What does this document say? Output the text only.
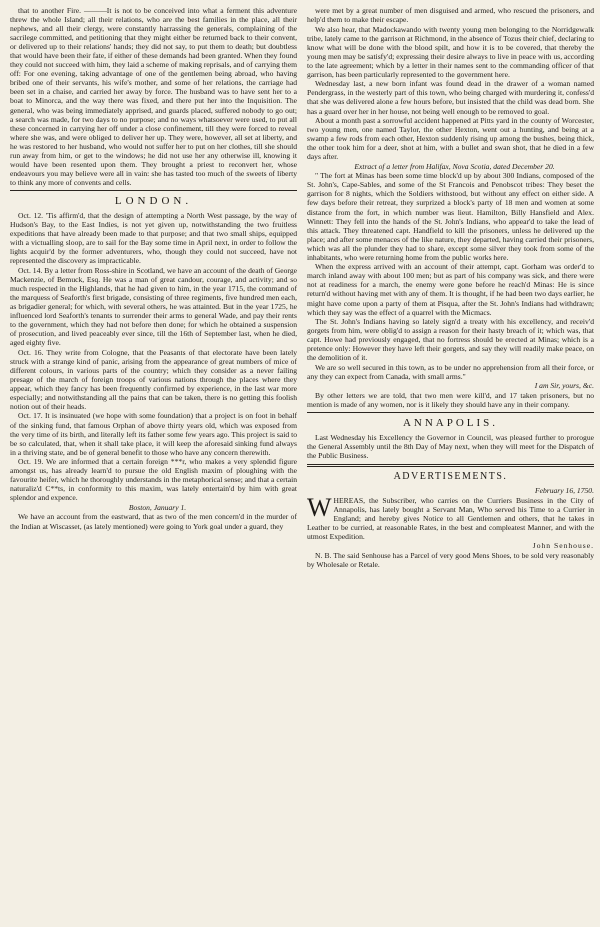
that to another Fire. ———It is not to be conceived into what a ferment this adventure threw the whole Island; all their relations, who are the best families in the place, all their nephews, and all their clergy, were constantly harrassing the generals, complaining of the sacrilege committed, and petitioning that they might either be returned back to their convent, or delivered up to their relations' hands; they did not say, to put them to death; but doubtless that would have been their fate, if either of these demands had been granted. When they found they could not succeed with him, they laid a scheme of making reprisals, and of carrying them off: For one evening, taking advantage of one of the gentlemen being abroad, who having bribed one of their servants, his wife's mother, and some of her relations, the carriage had been set in a chaise, and carried her away by force. The husband was to have sent her to a boat to Minorca, and the way there was fixed, and there put her into the Inquisition. The general, who was being immediately apprised, and guards placed, suffered nobody to go out; a search was made, for two days to no purpose; and no ways whatsoever were used, to put all these concerned in carrying her off under a close confinement, till they were forced to reveal where she was, and were obliged to deliver her up. They were, however, all set at liberty, and he was restored to her husband, who would not suffer her to put on her clothes, till she should run away from him, or get to the windows; he did not use her any otherwise ill, knowing it would have been resented upon them. They brought a priest to reconvert her, whose endeavours you may believe were all in vain: she has tasted too much of the sweets of liberty to think any more of convents and cells.

LONDON.

Oct. 12. 'Tis affirm'd, that the design of attempting a North West passage, by the way of Hudson's Bay, to the East Indies, is not yet given up, notwithstanding the two fruitless expeditions that have already been made to that purpose; and that two small ships, equipped with a victualling sloop, are to sail for the Bay some time in April next, in order to follow the lights acquir'd by the former adventurers, who, though they could not succeed, have not represented the discovery as impracticable.

Oct. 14. By a letter from Ross-shire in Scotland, we have an account of the death of George Mackenzie, of Bemuck, Esq. He was a man of great candour, courage, and activity; and so much respected in the Highlands, that he had given to him, in the year 1715, the command of the marquess of Seaforth's first brigade, consisting of three regiments, five hundred men each, as brigadier general; for which, with several others, he was attainted. But in the year 1725, he influenced lord Seaforth's tenants to surrender their arms to general Wade, and pay their rents to the government, which they had not before then done; for which he obtained a suspension of prosecution, and lived peaceably ever since, till the 16th of September last, when he died, aged eighty five.

Oct. 16. They write from Cologne, that the Peasants of that electorate have been lately struck with a strange kind of panic, arising from the appearance of great numbers of mice of different colours, in various parts of the country; which they consider as a never failing presage of the march of foreign troops of various nations through the places where they appear, which they fancy has been frequently confirmed by experience, in the last war more especially; and notwithstanding all the pains that can be taken, there is no getting this foolish notion out of their heads.

Oct. 17. It is insinuated (we hope with some foundation) that a project is on foot in behalf of the sinking fund, that famous Orphan of above thirty years old, which was exposed from the very time of its birth, and literally left its father some few years ago. This project is said to be so calculated, that, when it shall take place, it will keep the aforesaid sinking fund always in a thriving state, and be of general benefit to those who have any concern therewith.

Oct. 19. We are informed that a certain foreign ***r, who makes a very splendid figure amongst us, has already learn'd to pursue the old English maxim of ploughing with the favourite heifer, which he thoroughly understands in the metaphorical sense; and that a certain naturaliz'd C**ts, in conformity to this maxim, was lately entertain'd by him with great splendor and expence.

Boston, January 1.

We have an account from the eastward, that as two of the men concern'd in the murder of the Indian at Wiscasset, (as lately mentioned) were going to York goal under a guard, they

were met by a great number of men disguised and armed, who rescued the prisoners, and help'd them to make their escape.

We also hear, that Madockawando with twenty young men belonging to the Norridgewalk tribe, lately came to the garrison at Richmond, in the absence of Tozus their chief, declaring to know what will be done with the blood spilt, and how it is to be covered, that thereby the young men may be satisfy'd; expressing their desire always to live in peace with us, according to the late agreement; which by a letter in their names sent to the commanding officer of that garrison, has been particularly represented to the government here.

Wednesday last, a new born infant was found dead in the drawer of a woman named Pendergrass, in the westerly part of this town, who being charged with murdering it, confess'd that she was delivered alone a few hours before, but insisted that the child was dead born. She has a guard over her in her house, not being well enough to be removed to goal.

About a month past a sorrowful accident happened at Pitts yard in the county of Worcester, two young men, one named Taylor, the other Hexton, went out a hunting, and being at a swamp a few rods from each other, Hexton suddenly rising up among the bushes, being thick, the other took him for a deer, shot at him, with a bullet and swan shot, that he died in a few days after.

Extract of a letter from Halifax, Nova Scotia, dated December 20.

" The fort at Minas has been some time block'd up by about 300 Indians, composed of the St. John's, Cape-Sables, and some of the St Francois and Penobscot tribes: They beset the garrison for 8 nights, which the Soldiers withstood, but without any effect on either side. A few days before their retreat, they surprized a block's party of 18 men and women at some distance from the fort, in which number was lieut. Hamilton, Billy Hansfield and Alex. Winnett: They fell into the hands of the St. John's Indians, who appear'd to take the lead of this attack. They threatened capt. Handfield to kill the prisoners, unless he delivered up the place; and after some menaces of the like nature, they departed, having carried their prisoners, which was all the plunder they had to share, except some silver they took from some of the inhabitants, who were returning home from the public works here.

When the express arrived with an account of their attempt, capt. Gorham was order'd to march inland away with about 100 men; but as part of his company was sick, and there were not at readiness for a march, the enemy were gone before he reach'd Minas: He is since return'd without having met with any of them. It is thought, if he had been two days earlier, he might have come upon a party of them at Pisqua, after the St. John's Indians had withdrawn; which they say was the effect of a quarrel with the Micmacs.

The St. John's Indians having so lately sign'd a treaty with his excellency, and receiv'd gorgets from him, were oblig'd to assign a reason for their hasty breach of it; which was, that capt. Howe had previously engaged, that no fortress should be erected at Minas; which is a pretence only: However they have left their gorgets, and say they will readily make peace, on the demolition of it.

We are so well secured in this town, as to be under no apprehension from all their force, or any they can expect from Canada, with small arms."

I am Sir, yours, &c.

By other letters we are told, that two men were kill'd, and 17 taken prisoners, but no mention is made of any women, nor is it likely they should have any in their company.

ANNAPOLIS.

Last Wednesday his Excellency the Governor in Council, was pleased further to prorogue the General Assembly until the 8th Day of May next, when they will meet for the Dispatch of the Public Business.

ADVERTISEMENTS.

February 16, 1750.

WHEREAS, the Subscriber, who carries on the Curriers Business in the City of Annapolis, has lately bought a Servant Man, Who served his Time to a Currier in England; and hereby gives Notice to all Gentlemen and others, that he takes in Leather to be curried, at reasonable Rates, in the best and compleatest Manner, and with the utmost Expedition.

John Senhouse.

N. B. The said Senhouse has a Parcel of very good Mens Shoes, to be sold very reasonably by Wholesale or Retale.
